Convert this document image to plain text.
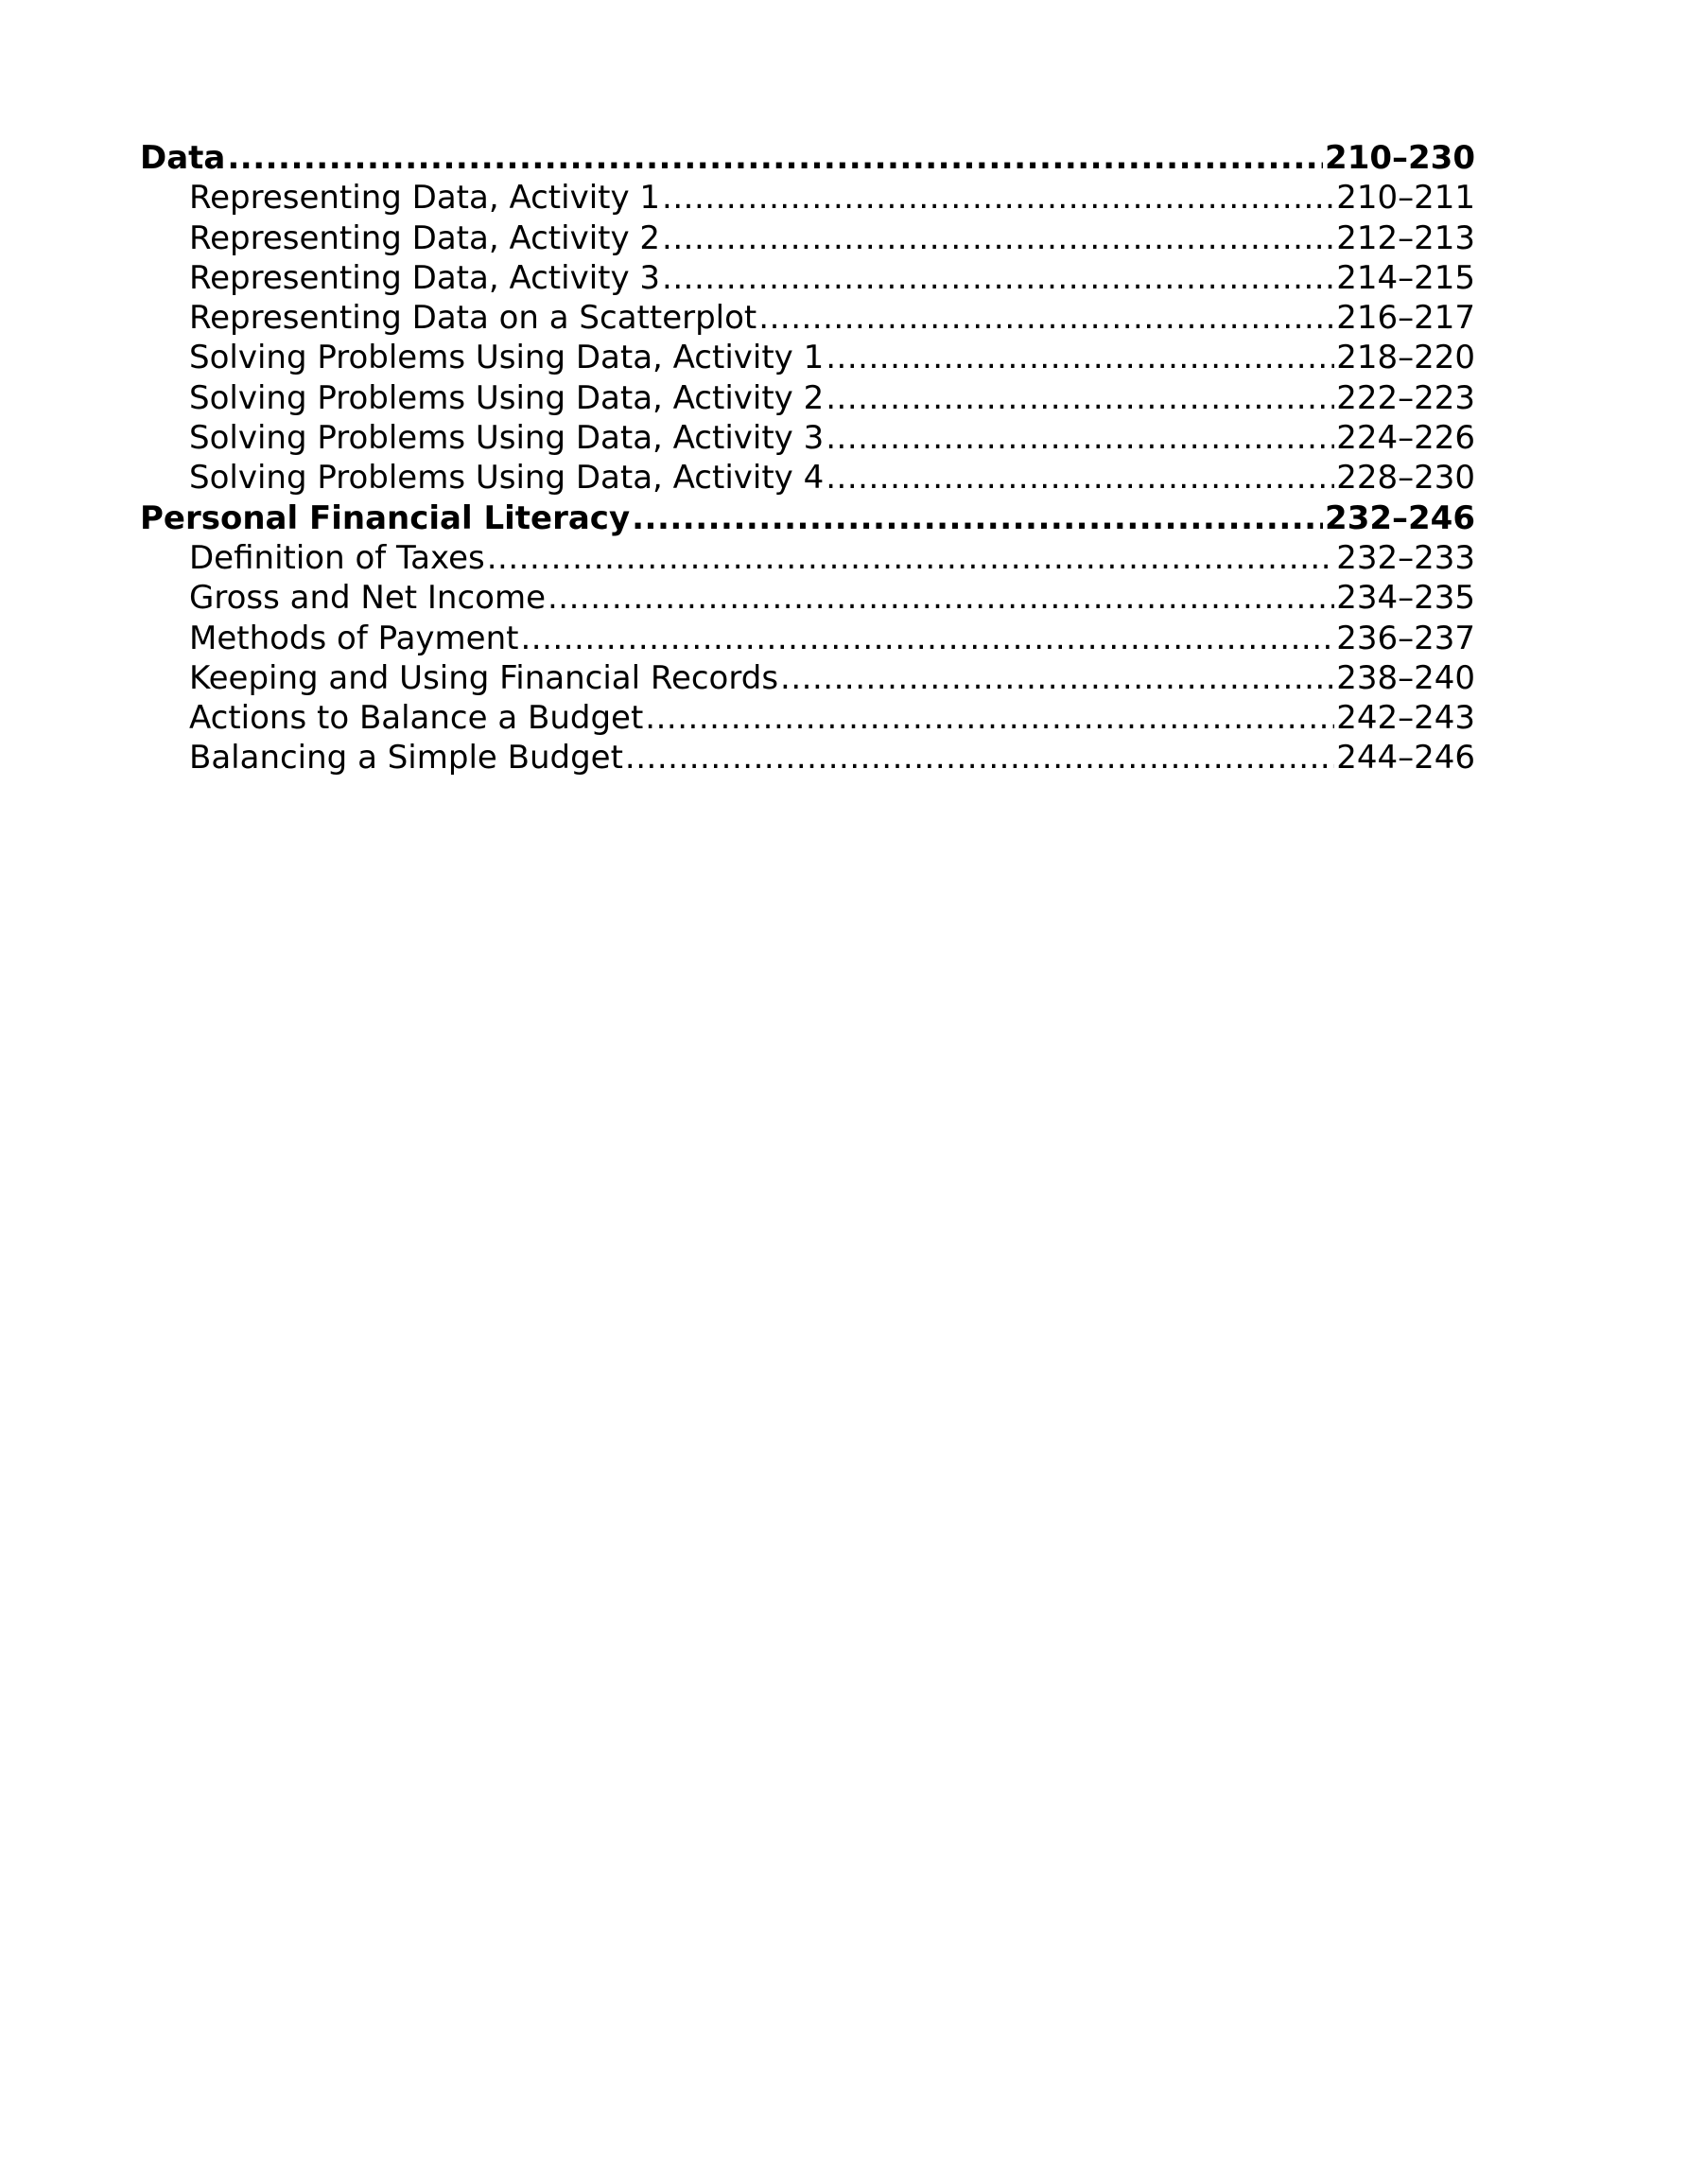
Data .....	210–230
Representing Data, Activity 1 .....	210–211
Representing Data, Activity 2 .....	212–213
Representing Data, Activity 3 .....	214–215
Representing Data on a Scatterplot .....	216–217
Solving Problems Using Data, Activity 1 .....	218–220
Solving Problems Using Data, Activity 2 .....	222–223
Solving Problems Using Data, Activity 3 .....	224–226
Solving Problems Using Data, Activity 4 .....	228–230
Personal Financial Literacy .....	232–246
Definition of Taxes .....	232–233
Gross and Net Income .....	234–235
Methods of Payment .....	236–237
Keeping and Using Financial Records .....	238–240
Actions to Balance a Budget .....	242–243
Balancing a Simple Budget .....	244–246
